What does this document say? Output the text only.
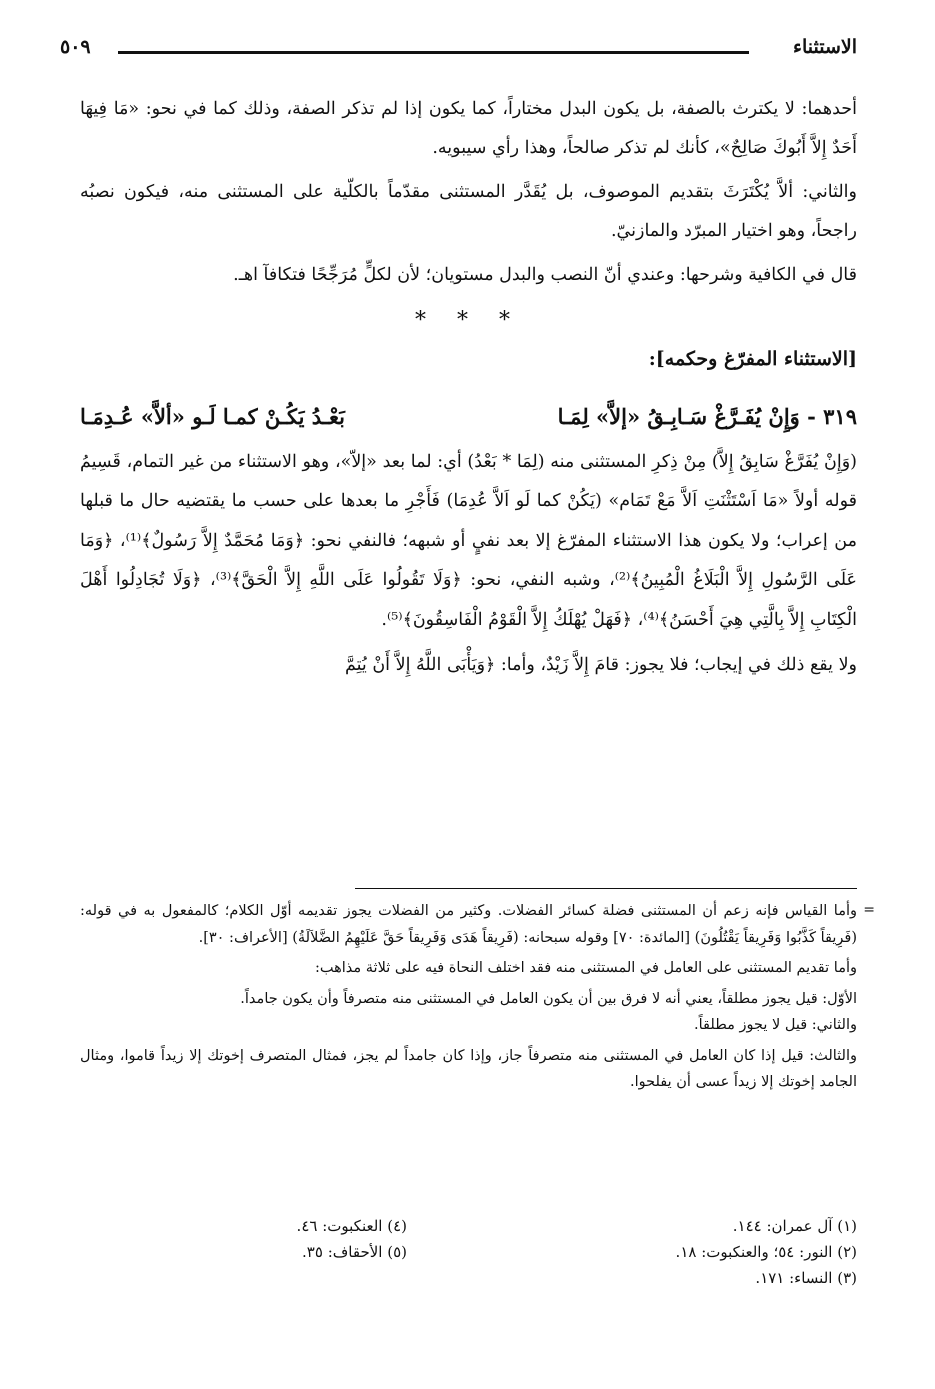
الاستثناء
٥٠٩

أحدهما: لا يكترث بالصفة، بل يكون البدل مختاراً، كما يكون إذا لم تذكر الصفة، وذلك كما في نحو: «مَا فِيهَا أَحَدٌ إِلاَّ أَبُوكَ صَالِحٌ»، كأنك لم تذكر صالحاً، وهذا رأي سيبويه.

والثاني: ألاَّ يُكْتَرَثَ بتقديم الموصوف، بل يُقَدَّر المستثنى مقدّماً بالكلّية على المستثنى منه، فيكون نصبُه راجحاً، وهو اختيار المبرّد والمازنيّ.

قال في الكافية وشرحها: وعندي أنّ النصب والبدل مستويان؛ لأن لكلٍّ مُرَجِّحًا فتكافآ اهـ.

* * *
[الاستثناء المفرّغ وحكمه]:
٣١٩ - وَإِنْ يُفَـرَّغْ سَـابِـقُ «إلاَّ» لِمَـا
بَعْـدُ يَكُـنْ كمـا لَـو «ألاَّ» عُـدِمَـا

(وَإِنْ يُفَرَّغْ سَابِقُ إِلاَّ) مِنْ ذِكرِ المستثنى منه (لِمَا * بَعْدُ) أي: لما بعد «إلاّ»، وهو الاستثناء من غير التمام، قَسِيمُ قوله أولاً «مَا اَسْتَثْنَتِ اَلاَّ مَعْ تَمَام» (يَكُنْ كما لَو اَلاَّ عُدِمَا) فَأَجْرِ ما بعدها على حسب ما يقتضيه حال ما قبلها من إعراب؛ ولا يكون هذا الاستثناء المفرّغ إلا بعد نفيٍ أو شبهه؛ فالنفي نحو: ﴿وَمَا مُحَمَّدٌ إِلاَّ رَسُولٌ﴾⁽¹⁾، ﴿وَمَا عَلَى الرَّسُولِ إِلاَّ الْبَلَاغُ الْمُبِينُ﴾⁽²⁾، وشبه النفي، نحو: ﴿وَلَا تَقُولُوا عَلَى اللَّهِ إِلاَّ الْحَقَّ﴾⁽³⁾، ﴿وَلَا تُجَادِلُوا أَهْلَ الْكِتَابِ إِلاَّ بِالَّتِي هِيَ أَحْسَنُ﴾⁽⁴⁾، ﴿فَهَلْ يُهْلَكُ إِلاَّ الْقَوْمُ الْفَاسِقُونَ﴾⁽⁵⁾.

ولا يقع ذلك في إيجاب؛ فلا يجوز: قامَ إِلاَّ زَيْدٌ، وأما: ﴿وَيَأْبَى اللَّهُ إِلاَّ أَنْ يُتِمَّ

=

وأما القياس فإنه زعم أن المستثنى فضلة كسائر الفضلات. وكثير من الفضلات يجوز تقديمه أوّل الكلام؛ كالمفعول به في قوله: (فَرِيقاً كَذَّبُوا وَفَرِيقاً يَقْتُلُونَ) [المائدة: ٧٠] وقوله سبحانه: (فَرِيقاً هَدَى وَفَرِيقاً حَقَّ عَلَيْهِمُ الضَّلاَلَةُ) [الأعراف: ٣٠].

وأما تقديم المستثنى على العامل في المستثنى منه فقد اختلف النحاة فيه على ثلاثة مذاهب:

الأوّل: قيل يجوز مطلقاً، يعني أنه لا فرق بين أن يكون العامل في المستثنى منه متصرفاً وأن يكون جامداً.

والثاني: قيل لا يجوز مطلقاً.

والثالث: قيل إذا كان العامل في المستثنى منه متصرفاً جاز، وإذا كان جامداً لم يجز، فمثال المتصرف إخوتك إلا زيداً قاموا، ومثال الجامد إخوتك إلا زيداً عسى أن يفلحوا.

(١) آل عمران: ١٤٤.
(٢) النور: ٥٤؛ والعنكبوت: ١٨.
(٣) النساء: ١٧١.
(٤) العنكبوت: ٤٦.
(٥) الأحقاف: ٣٥.
